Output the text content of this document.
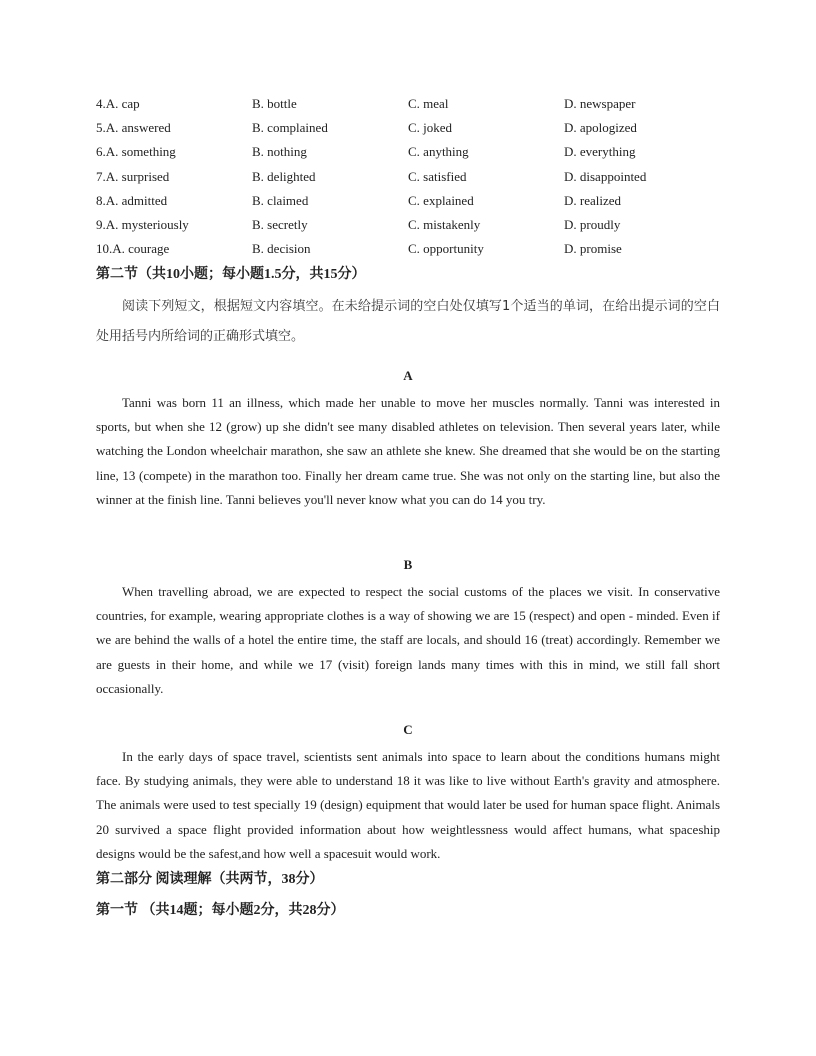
4.A. cap	B. bottle	C. meal	D. newspaper
5.A. answered	B. complained	C. joked	D. apologized
6.A. something	B. nothing	C. anything	D. everything
7.A. surprised	B. delighted	C. satisfied	D. disappointed
8.A. admitted	B. claimed	C. explained	D. realized
9.A. mysteriously	B. secretly	C. mistakenly	D. proudly
10.A. courage	B. decision	C. opportunity	D. promise
第二节（共10小题；每小题1.5分，共15分）
阅读下列短文，根据短文内容填空。在未给提示词的空白处仅填写1个适当的单词，在给出提示词的空白处用括号内所给词的正确形式填空。
A
Tanni was born 11 an illness, which made her unable to move her muscles normally. Tanni was interested in sports, but when she 12 (grow) up she didn't see many disabled athletes on television. Then several years later, while watching the London wheelchair marathon, she saw an athlete she knew. She dreamed that she would be on the starting line, 13 (compete) in the marathon too. Finally her dream came true. She was not only on the starting line, but also the winner at the finish line. Tanni believes you'll never know what you can do 14 you try.
B
When travelling abroad, we are expected to respect the social customs of the places we visit. In conservative countries, for example, wearing appropriate clothes is a way of showing we are 15 (respect) and open - minded. Even if we are behind the walls of a hotel the entire time, the staff are locals, and should 16 (treat) accordingly. Remember we are guests in their home, and while we 17 (visit) foreign lands many times with this in mind, we still fall short occasionally.
C
In the early days of space travel, scientists sent animals into space to learn about the conditions humans might face. By studying animals, they were able to understand 18 it was like to live without Earth's gravity and atmosphere. The animals were used to test specially 19 (design) equipment that would later be used for human space flight. Animals 20 survived a space flight provided information about how weightlessness would affect humans, what spaceship designs would be the safest,and how well a spacesuit would work.
第二部分 阅读理解（共两节，38分）
第一节 （共14题；每小题2分，共28分）
